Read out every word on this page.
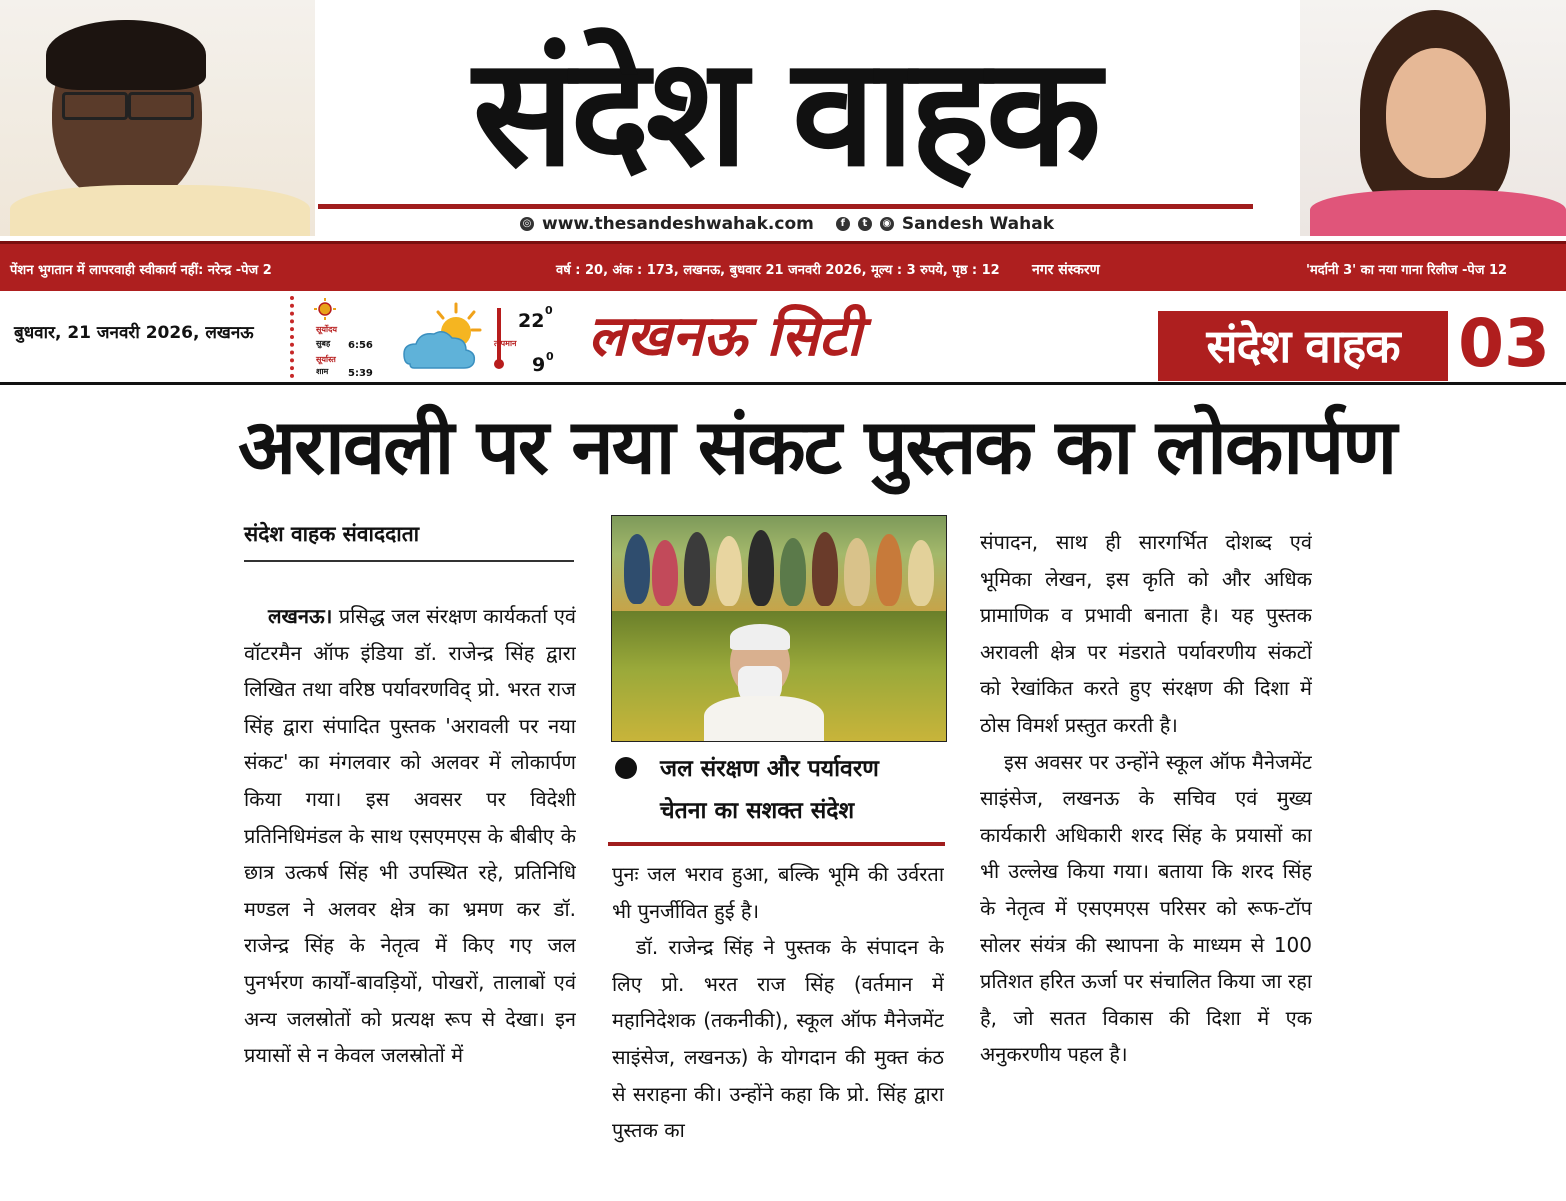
संदेश वाहक
◎ www.thesandeshwahak.com	f	t	◉ Sandesh Wahak
पेंशन भुगतान में लापरवाही स्वीकार्य नहीं: नरेन्द्र -पेज 2	वर्ष : 20, अंक : 173, लखनऊ, बुधवार 21 जनवरी 2026, मूल्य : 3 रुपये, पृष्ठ : 12 नगर संस्करण	'मर्दानी 3' का नया गाना रिलीज -पेज 12
बुधवार, 21 जनवरी 2026, लखनऊ	सूर्योदय
सुबह 6:56
सूर्यास्त
शाम 5:39
22 0
तापमान
9 0 लखनऊ सिटी	संदेश वाहक 03
अरावली पर नया संकट पुस्तक का लोकार्पण
संदेश वाहक संवाददाता

लखनऊ। प्रसिद्ध जल संरक्षण कार्यकर्ता एवं वॉटरमैन ऑफ इंडिया डॉ. राजेन्द्र सिंह द्वारा लिखित तथा वरिष्ठ पर्यावरणविद् प्रो. भरत राज सिंह द्वारा संपादित पुस्तक 'अरावली पर नया संकट' का मंगलवार को अलवर में लोकार्पण किया गया। इस अवसर पर विदेशी प्रतिनिधिमंडल के साथ एसएमएस के बीबीए के छात्र उत्कर्ष सिंह भी उपस्थित रहे, प्रतिनिधि मण्डल ने अलवर क्षेत्र का भ्रमण कर डॉ. राजेन्द्र सिंह के नेतृत्व में किए गए जल पुनर्भरण कार्यों-बावड़ियों, पोखरों, तालाबों एवं अन्य जलस्रोतों को प्रत्यक्ष रूप से देखा। इन प्रयासों से न केवल जलस्रोतों में

जल संरक्षण और पर्यावरण
चेतना का सशक्त संदेश

पुनः जल भराव हुआ, बल्कि भूमि की उर्वरता भी पुनर्जीवित हुई है।

डॉ. राजेन्द्र सिंह ने पुस्तक के संपादन के लिए प्रो. भरत राज सिंह (वर्तमान में महानिदेशक (तकनीकी), स्कूल ऑफ मैनेजमेंट साइंसेज, लखनऊ) के योगदान की मुक्त कंठ से सराहना की। उन्होंने कहा कि प्रो. सिंह द्वारा पुस्तक का

संपादन, साथ ही सारगर्भित दोशब्द एवं भूमिका लेखन, इस कृति को और अधिक प्रामाणिक व प्रभावी बनाता है। यह पुस्तक अरावली क्षेत्र पर मंडराते पर्यावरणीय संकटों को रेखांकित करते हुए संरक्षण की दिशा में ठोस विमर्श प्रस्तुत करती है।

इस अवसर पर उन्होंने स्कूल ऑफ मैनेजमेंट साइंसेज, लखनऊ के सचिव एवं मुख्य कार्यकारी अधिकारी शरद सिंह के प्रयासों का भी उल्लेख किया गया। बताया कि शरद सिंह के नेतृत्व में एसएमएस परिसर को रूफ-टॉप सोलर संयंत्र की स्थापना के माध्यम से 100 प्रतिशत हरित ऊर्जा पर संचालित किया जा रहा है, जो सतत विकास की दिशा में एक अनुकरणीय पहल है।
